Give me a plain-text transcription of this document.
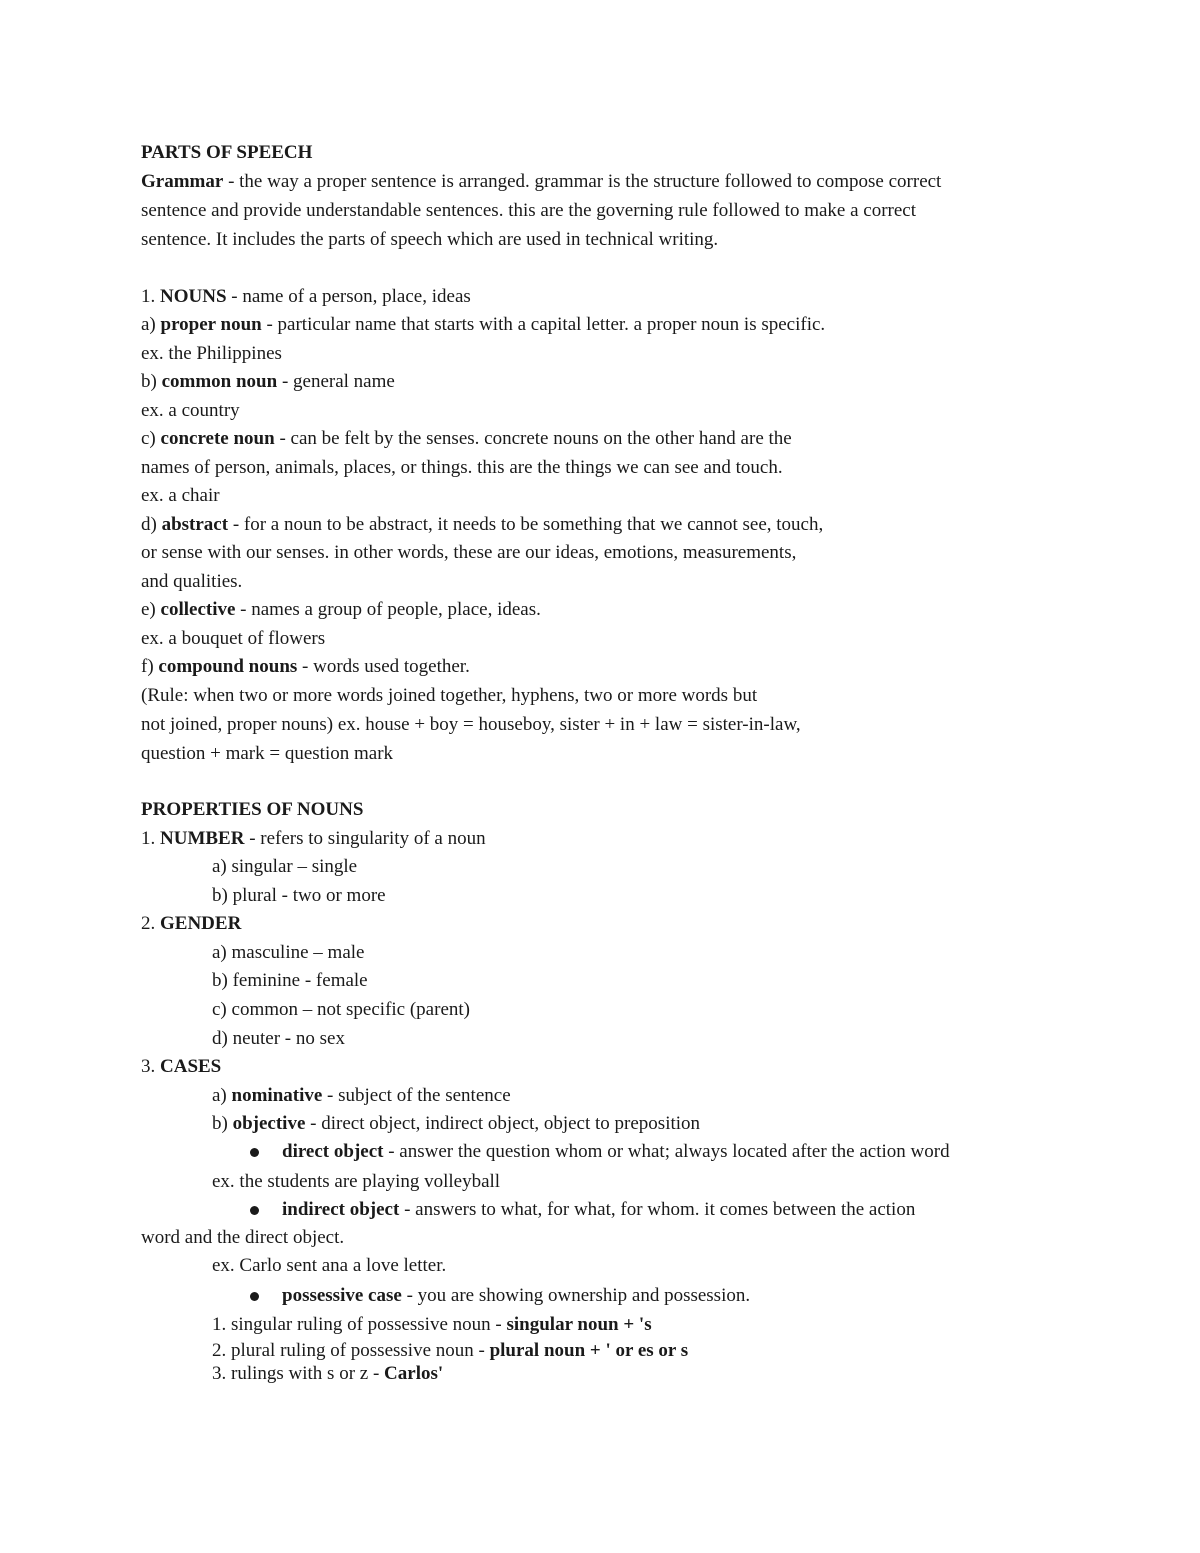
PARTS OF SPEECH
Grammar - the way a proper sentence is arranged. grammar is the structure followed to compose correct
sentence and provide understandable sentences. this are the governing rule followed to make a correct
sentence. It includes the parts of speech which are used in technical writing.
1. NOUNS - name of a person, place, ideas
a) proper noun - particular name that starts with a capital letter. a proper noun is specific.
ex. the Philippines
b) common noun - general name
ex. a country
c) concrete noun - can be felt by the senses. concrete nouns on the other hand are the
names of person, animals, places, or things. this are the things we can see and touch.
ex. a chair
d) abstract - for a noun to be abstract, it needs to be something that we cannot see, touch,
or sense with our senses. in other words, these are our ideas, emotions, measurements,
and qualities.
e) collective - names a group of people, place, ideas.
ex. a bouquet of flowers
f) compound nouns - words used together.
(Rule: when two or more words joined together, hyphens, two or more words but
not joined, proper nouns) ex. house + boy = houseboy, sister + in + law = sister-in-law,
question + mark = question mark
PROPERTIES OF NOUNS
1. NUMBER - refers to singularity of a noun
a) singular – single
b) plural - two or more
2. GENDER
a) masculine – male
b) feminine - female
c) common – not specific (parent)
d) neuter - no sex
3. CASES
a) nominative - subject of the sentence
b) objective - direct object, indirect object, object to preposition
direct object - answer the question whom or what; always located after the action word
ex. the students are playing volleyball
indirect object - answers to what, for what, for whom. it comes between the action
word and the direct object.
ex. Carlo sent ana a love letter.
possessive case - you are showing ownership and possession.
1. singular ruling of possessive noun - singular noun + 's
2. plural ruling of possessive noun - plural noun + ' or es or s
3. rulings with s or z - Carlos'
